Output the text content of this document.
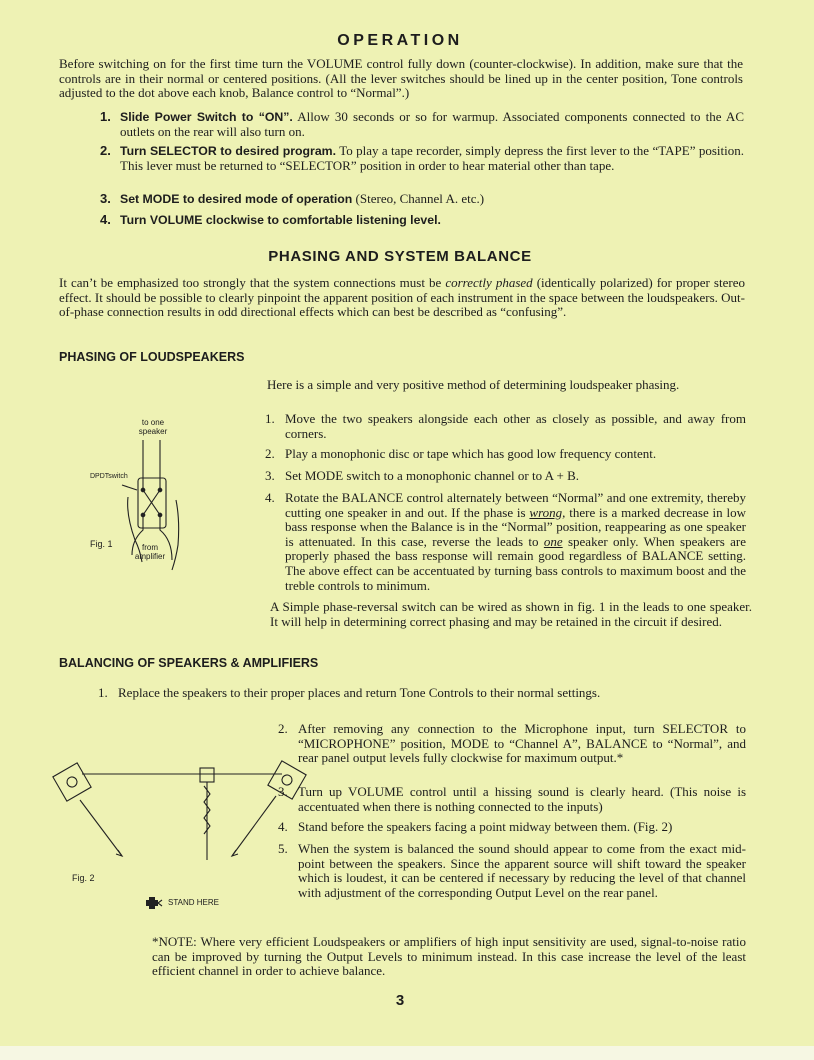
OPERATION
Before switching on for the first time turn the VOLUME control fully down (counter-clockwise). In addition, make sure that the controls are in their normal or centered positions. (All the lever switches should be lined up in the center position, Tone controls adjusted to the dot above each knob, Balance control to “Normal”.)
1. Slide Power Switch to “ON”. Allow 30 seconds or so for warmup. Associated components connected to the AC outlets on the rear will also turn on.
2. Turn SELECTOR to desired program. To play a tape recorder, simply depress the first lever to the “TAPE” position. This lever must be returned to “SELECTOR” position in order to hear material other than tape.
3. Set MODE to desired mode of operation (Stereo, Channel A. etc.)
4. Turn VOLUME clockwise to comfortable listening level.
PHASING AND SYSTEM BALANCE
It can’t be emphasized too strongly that the system connections must be correctly phased (identically polarized) for proper stereo effect. It should be possible to clearly pinpoint the apparent position of each instrument in the space between the loudspeakers. Out-of-phase connection results in odd directional effects which can best be described as “confusing”.
PHASING OF LOUDSPEAKERS
to one speaker
DPDTswitch
Fig. 1	from amplifier
Here is a simple and very positive method of determining loudspeaker phasing.
1. Move the two speakers alongside each other as closely as possible, and away from corners.
2. Play a monophonic disc or tape which has good low frequency content.
3. Set MODE switch to a monophonic channel or to A + B.
4. Rotate the BALANCE control alternately between “Normal” and one extremity, thereby cutting one speaker in and out. If the phase is wrong, there is a marked decrease in low bass response when the Balance is in the “Normal” position, reappearing as one speaker is attenuated. In this case, reverse the leads to one speaker only. When speakers are properly phased the bass response will remain good regardless of BALANCE setting. The above effect can be accentuated by turning bass controls to maximum boost and the treble controls to minimum.
A Simple phase-reversal switch can be wired as shown in fig. 1 in the leads to one speaker. It will help in determining correct phasing and may be retained in the circuit if desired.
BALANCING OF SPEAKERS & AMPLIFIERS
1. Replace the speakers to their proper places and return Tone Controls to their normal settings.
Fig. 2
STAND HERE
2. After removing any connection to the Microphone input, turn SELECTOR to “MICROPHONE” position, MODE to “Channel A”, BALANCE to “Normal”, and rear panel output levels fully clockwise for maximum output.*
3. Turn up VOLUME control until a hissing sound is clearly heard. (This noise is accentuated when there is nothing connected to the inputs)
4. Stand before the speakers facing a point midway between them. (Fig. 2)
5. When the system is balanced the sound should appear to come from the exact mid-point between the speakers. Since the apparent source will shift toward the speaker which is loudest, it can be centered if necessary by reducing the level of that channel with adjustment of the corresponding Output Level on the rear panel.
*NOTE: Where very efficient Loudspeakers or amplifiers of high input sensitivity are used, signal-to-noise ratio can be improved by turning the Output Levels to minimum instead. In this case increase the level of the least efficient channel in order to achieve balance.
3
